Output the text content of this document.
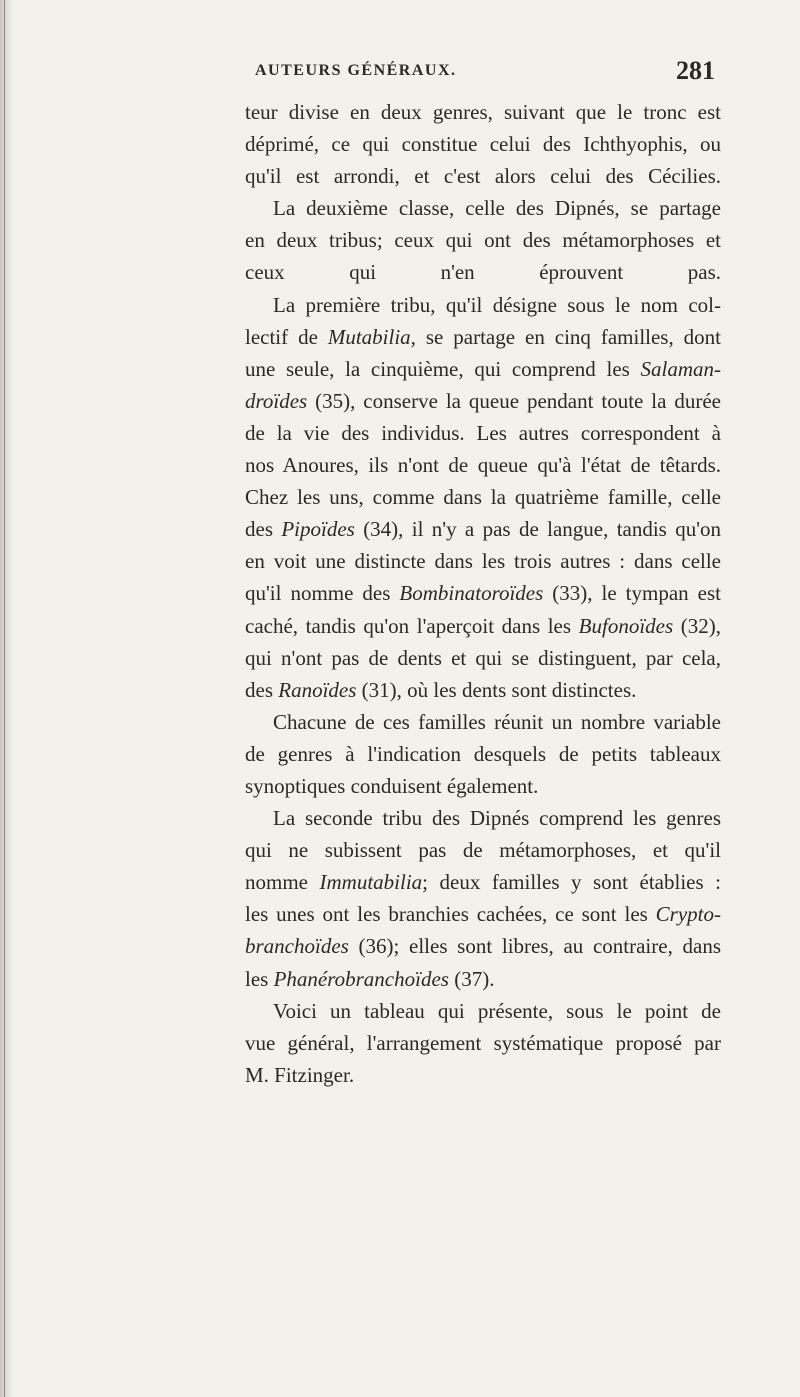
AUTEURS GÉNÉRAUX.	281
teur divise en deux genres, suivant que le tronc est
déprimé, ce qui constitue celui des Ichthyophis, ou
qu'il est arrondi, et c'est alors celui des Cécilies.
La deuxième classe, celle des Dipnés, se partage
en deux tribus; ceux qui ont des métamorphoses et
ceux qui n'en éprouvent pas.
La première tribu, qu'il désigne sous le nom col-
lectif de Mutabilia, se partage en cinq familles, dont
une seule, la cinquième, qui comprend les Salaman-
droïdes (35), conserve la queue pendant toute la durée
de la vie des individus. Les autres correspondent à
nos Anoures, ils n'ont de queue qu'à l'état de têtards.
Chez les uns, comme dans la quatrième famille, celle
des Pipoïdes (34), il n'y a pas de langue, tandis qu'on
en voit une distincte dans les trois autres : dans celle
qu'il nomme des Bombinatoroïdes (33), le tympan est
caché, tandis qu'on l'aperçoit dans les Bufonoïdes (32),
qui n'ont pas de dents et qui se distinguent, par cela,
des Ranoïdes (31), où les dents sont distinctes.
Chacune de ces familles réunit un nombre variable
de genres à l'indication desquels de petits tableaux
synoptiques conduisent également.
La seconde tribu des Dipnés comprend les genres
qui ne subissent pas de métamorphoses, et qu'il
nomme Immutabilia; deux familles y sont établies :
les unes ont les branchies cachées, ce sont les Crypto-
branchoïdes (36); elles sont libres, au contraire, dans
les Phanérobranchoïdes (37).
Voici un tableau qui présente, sous le point de
vue général, l'arrangement systématique proposé par
M. Fitzinger.
